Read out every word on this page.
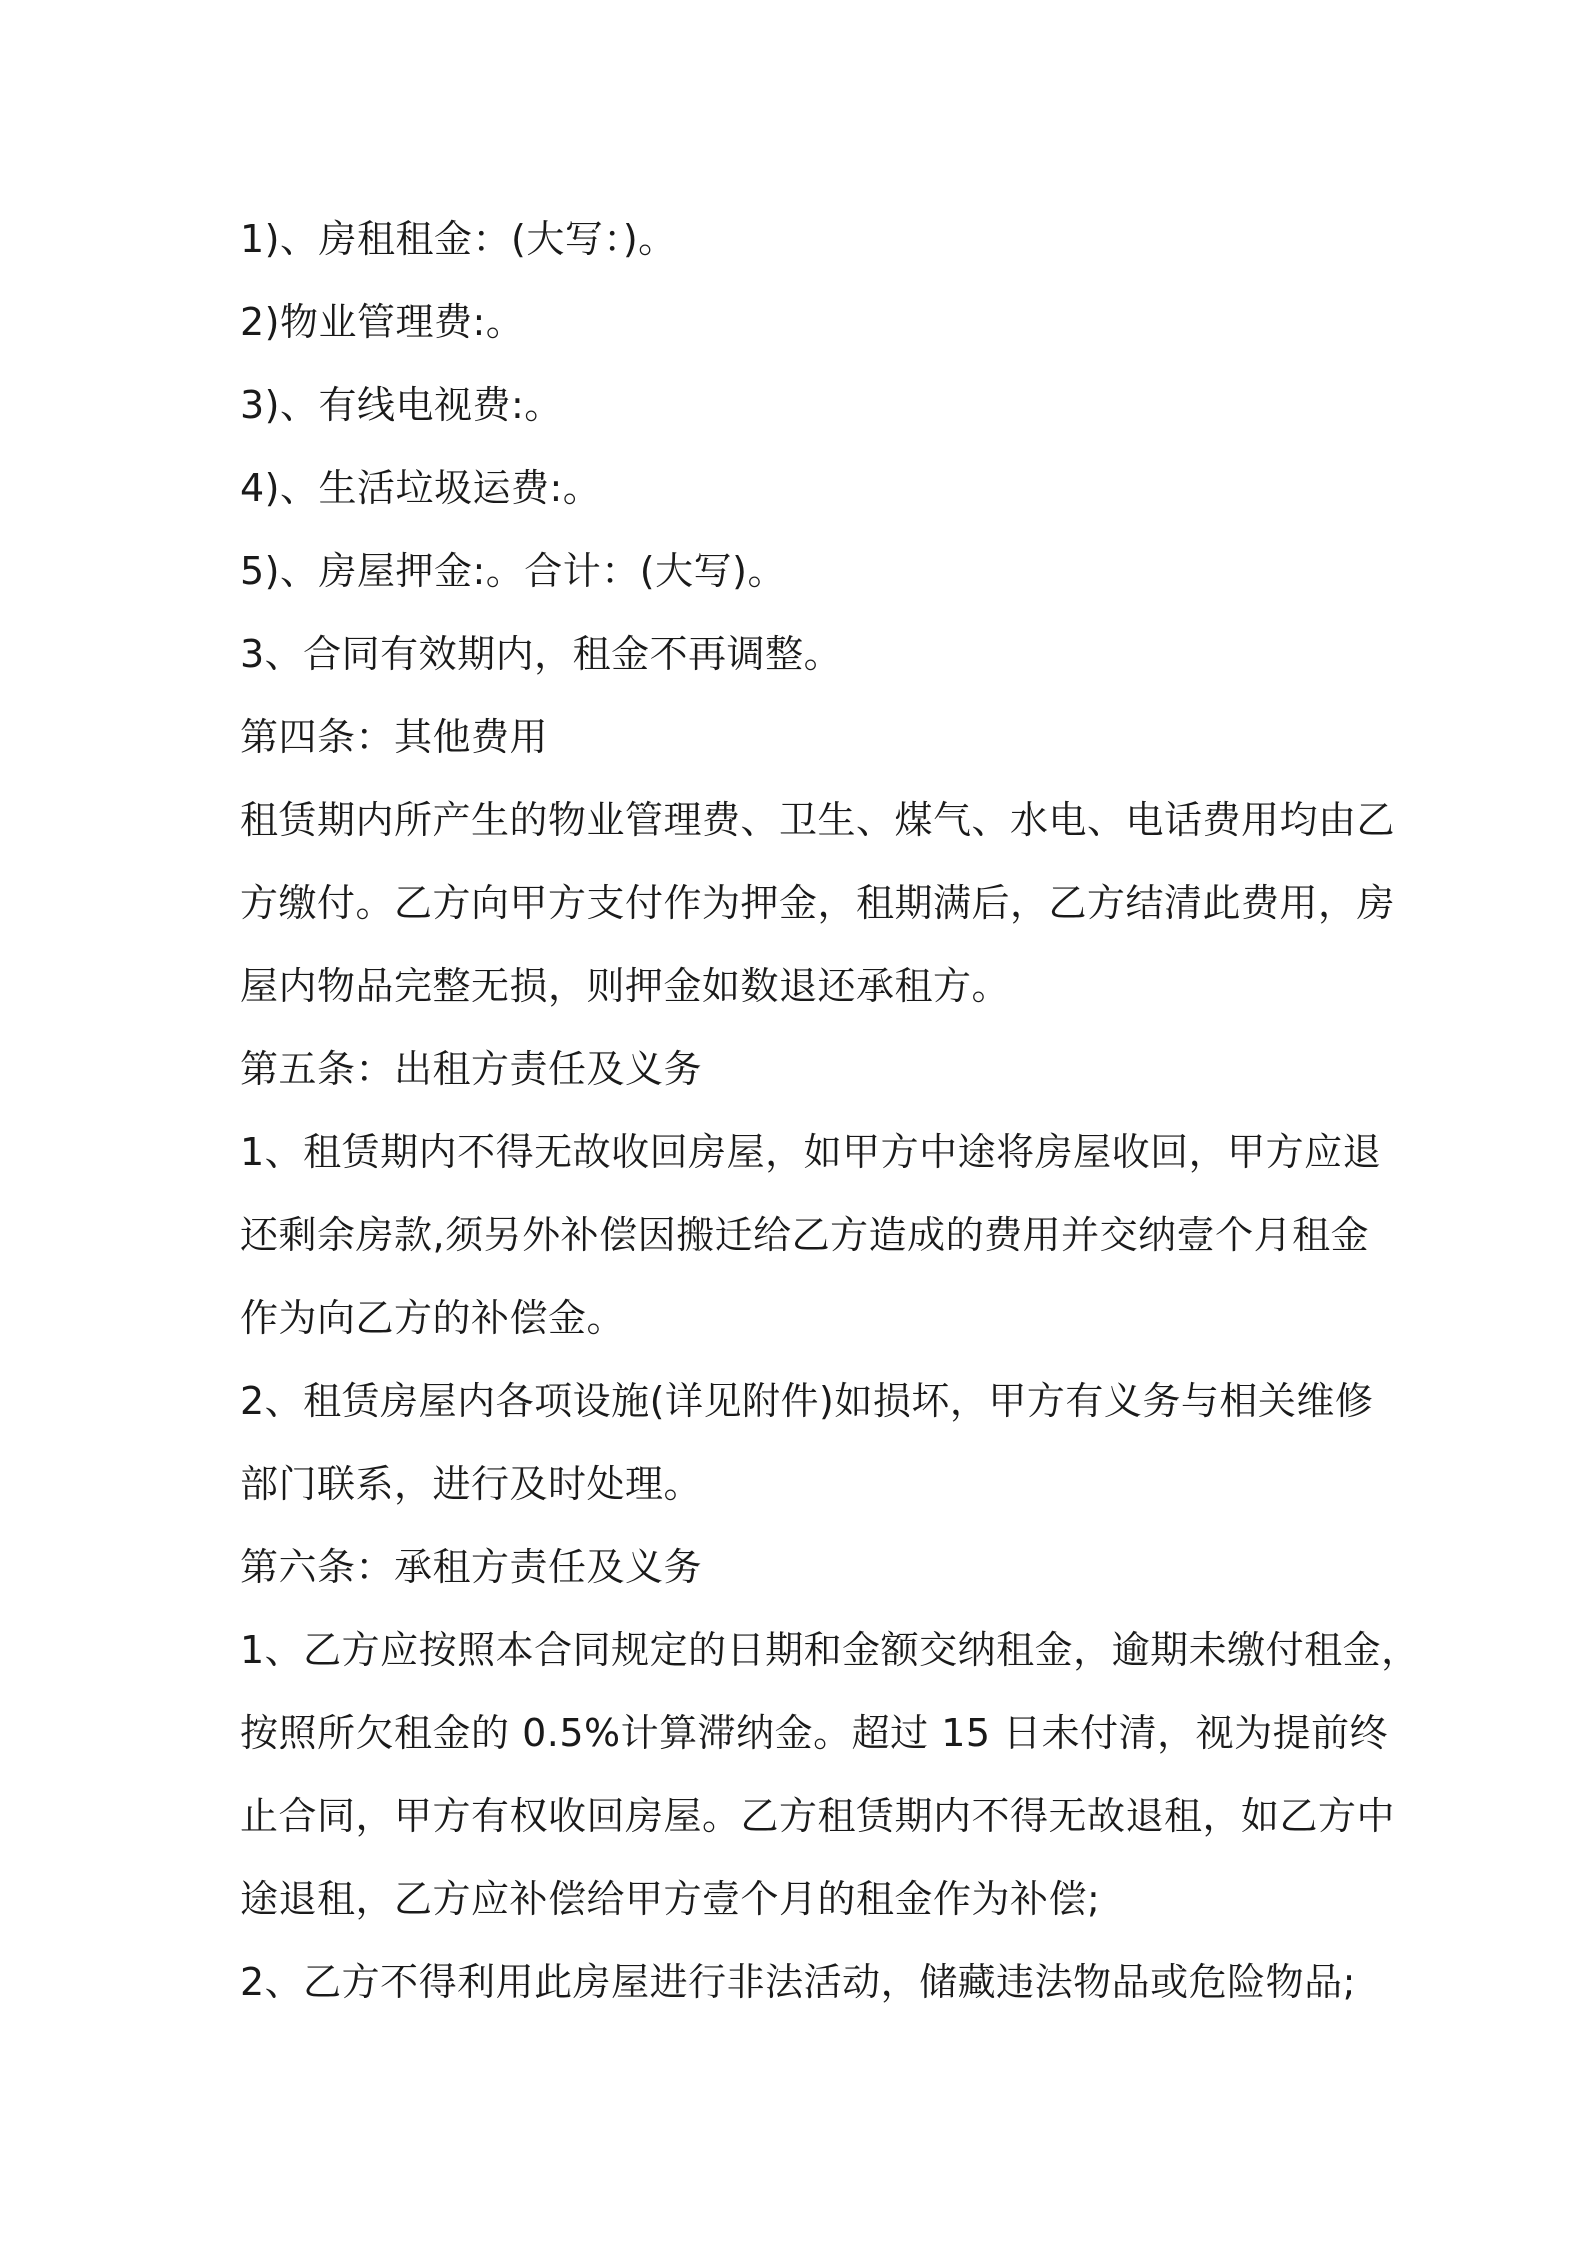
1)、房租租金：(大写：)。
2)物业管理费:。
3)、有线电视费:。
4)、生活垃圾运费:。
5)、房屋押金:。合计：(大写)。
3、合同有效期内，租金不再调整。
第四条：其他费用
租赁期内所产生的物业管理费、卫生、煤气、水电、电话费用均由乙
方缴付。乙方向甲方支付作为押金，租期满后，乙方结清此费用，房
屋内物品完整无损，则押金如数退还承租方。
第五条：出租方责任及义务
1、租赁期内不得无故收回房屋，如甲方中途将房屋收回，甲方应退
还剩余房款,须另外补偿因搬迁给乙方造成的费用并交纳壹个月租金
作为向乙方的补偿金。
2、租赁房屋内各项设施(详见附件)如损坏，甲方有义务与相关维修
部门联系，进行及时处理。
第六条：承租方责任及义务
1、乙方应按照本合同规定的日期和金额交纳租金，逾期未缴付租金，
按照所欠租金的 0.5%计算滞纳金。超过 15 日未付清，视为提前终
止合同，甲方有权收回房屋。乙方租赁期内不得无故退租，如乙方中
途退租，乙方应补偿给甲方壹个月的租金作为补偿;
2、乙方不得利用此房屋进行非法活动，储藏违法物品或危险物品;
